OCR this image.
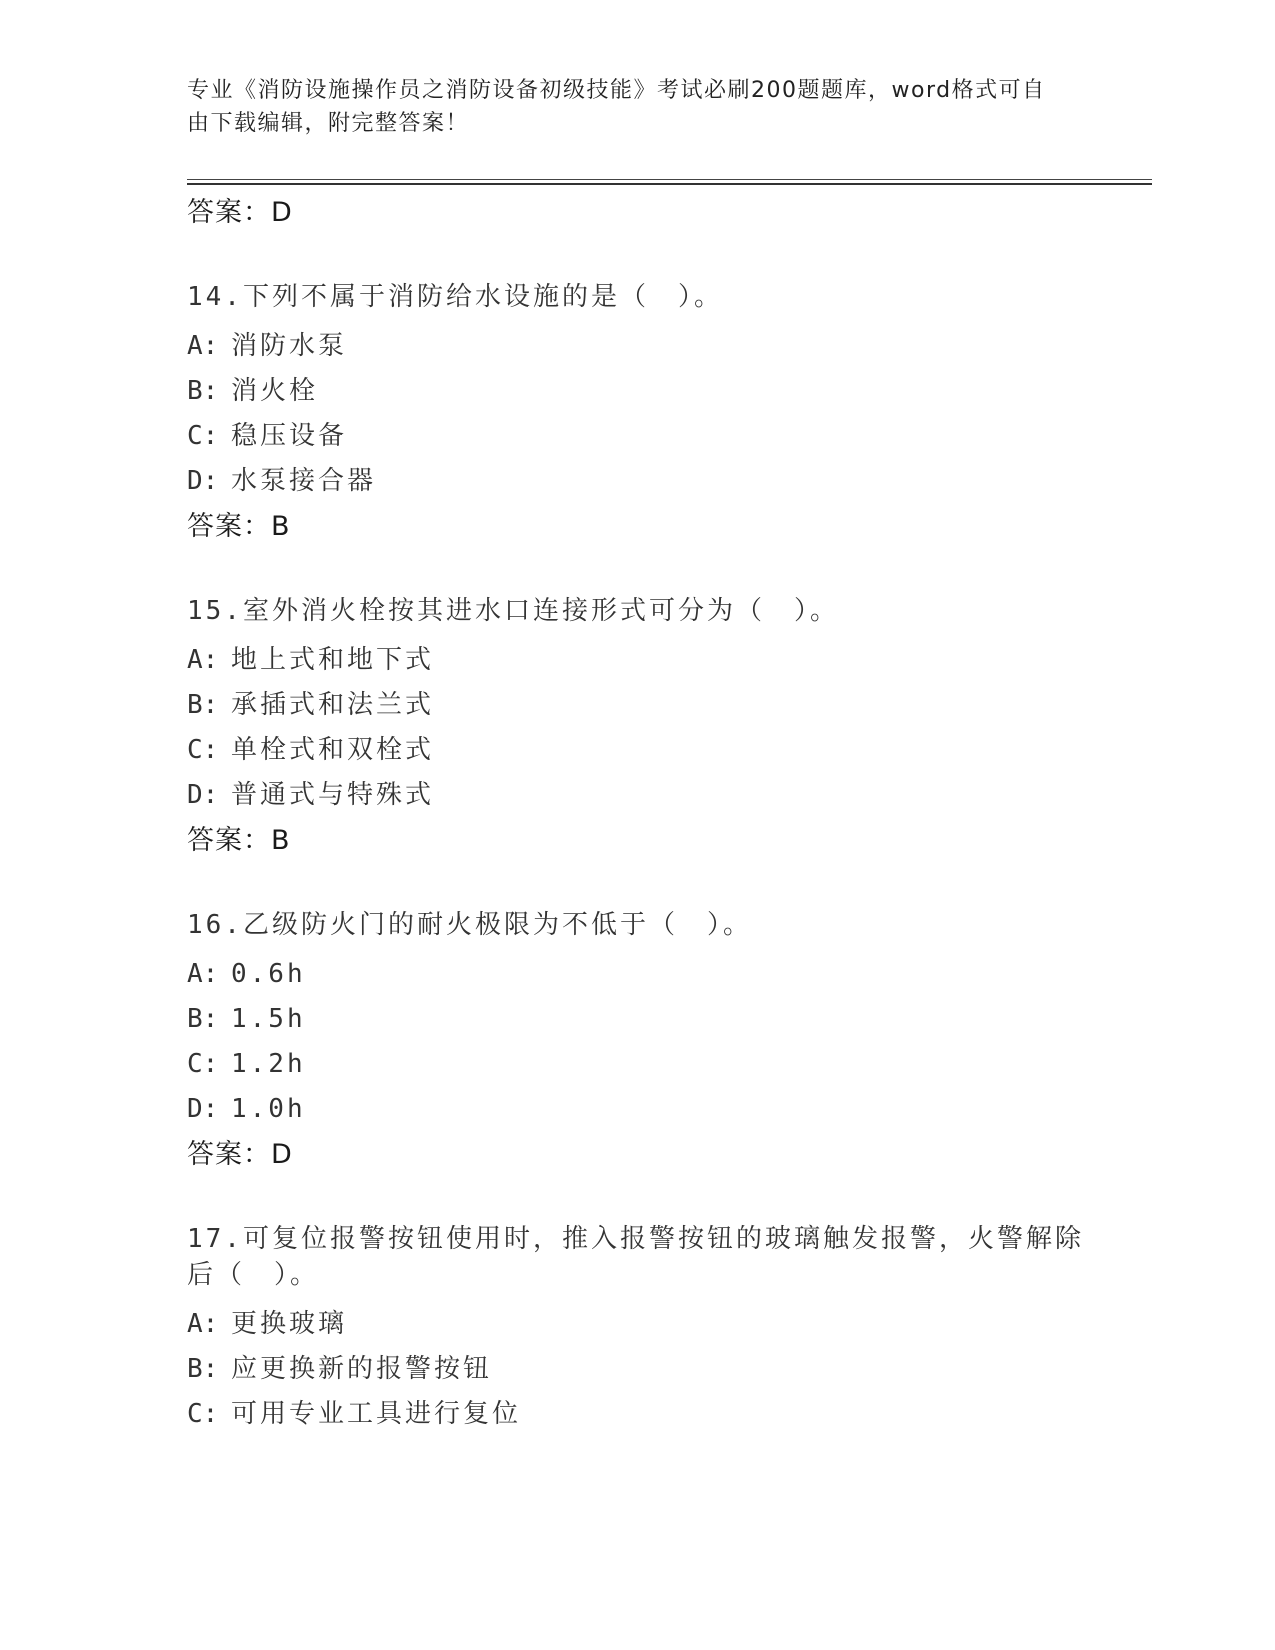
专业《消防设施操作员之消防设备初级技能》考试必刷200题题库，word格式可自由下载编辑，附完整答案！
答案：D
14.下列不属于消防给水设施的是（　）。
A: 消防水泵
B: 消火栓
C: 稳压设备
D: 水泵接合器
答案：B
15.室外消火栓按其进水口连接形式可分为（　）。
A: 地上式和地下式
B: 承插式和法兰式
C: 单栓式和双栓式
D: 普通式与特殊式
答案：B
16.乙级防火门的耐火极限为不低于（　）。
A: 0.6h
B: 1.5h
C: 1.2h
D: 1.0h
答案：D
17.可复位报警按钮使用时，推入报警按钮的玻璃触发报警，火警解除后（　）。
A: 更换玻璃
B: 应更换新的报警按钮
C: 可用专业工具进行复位
